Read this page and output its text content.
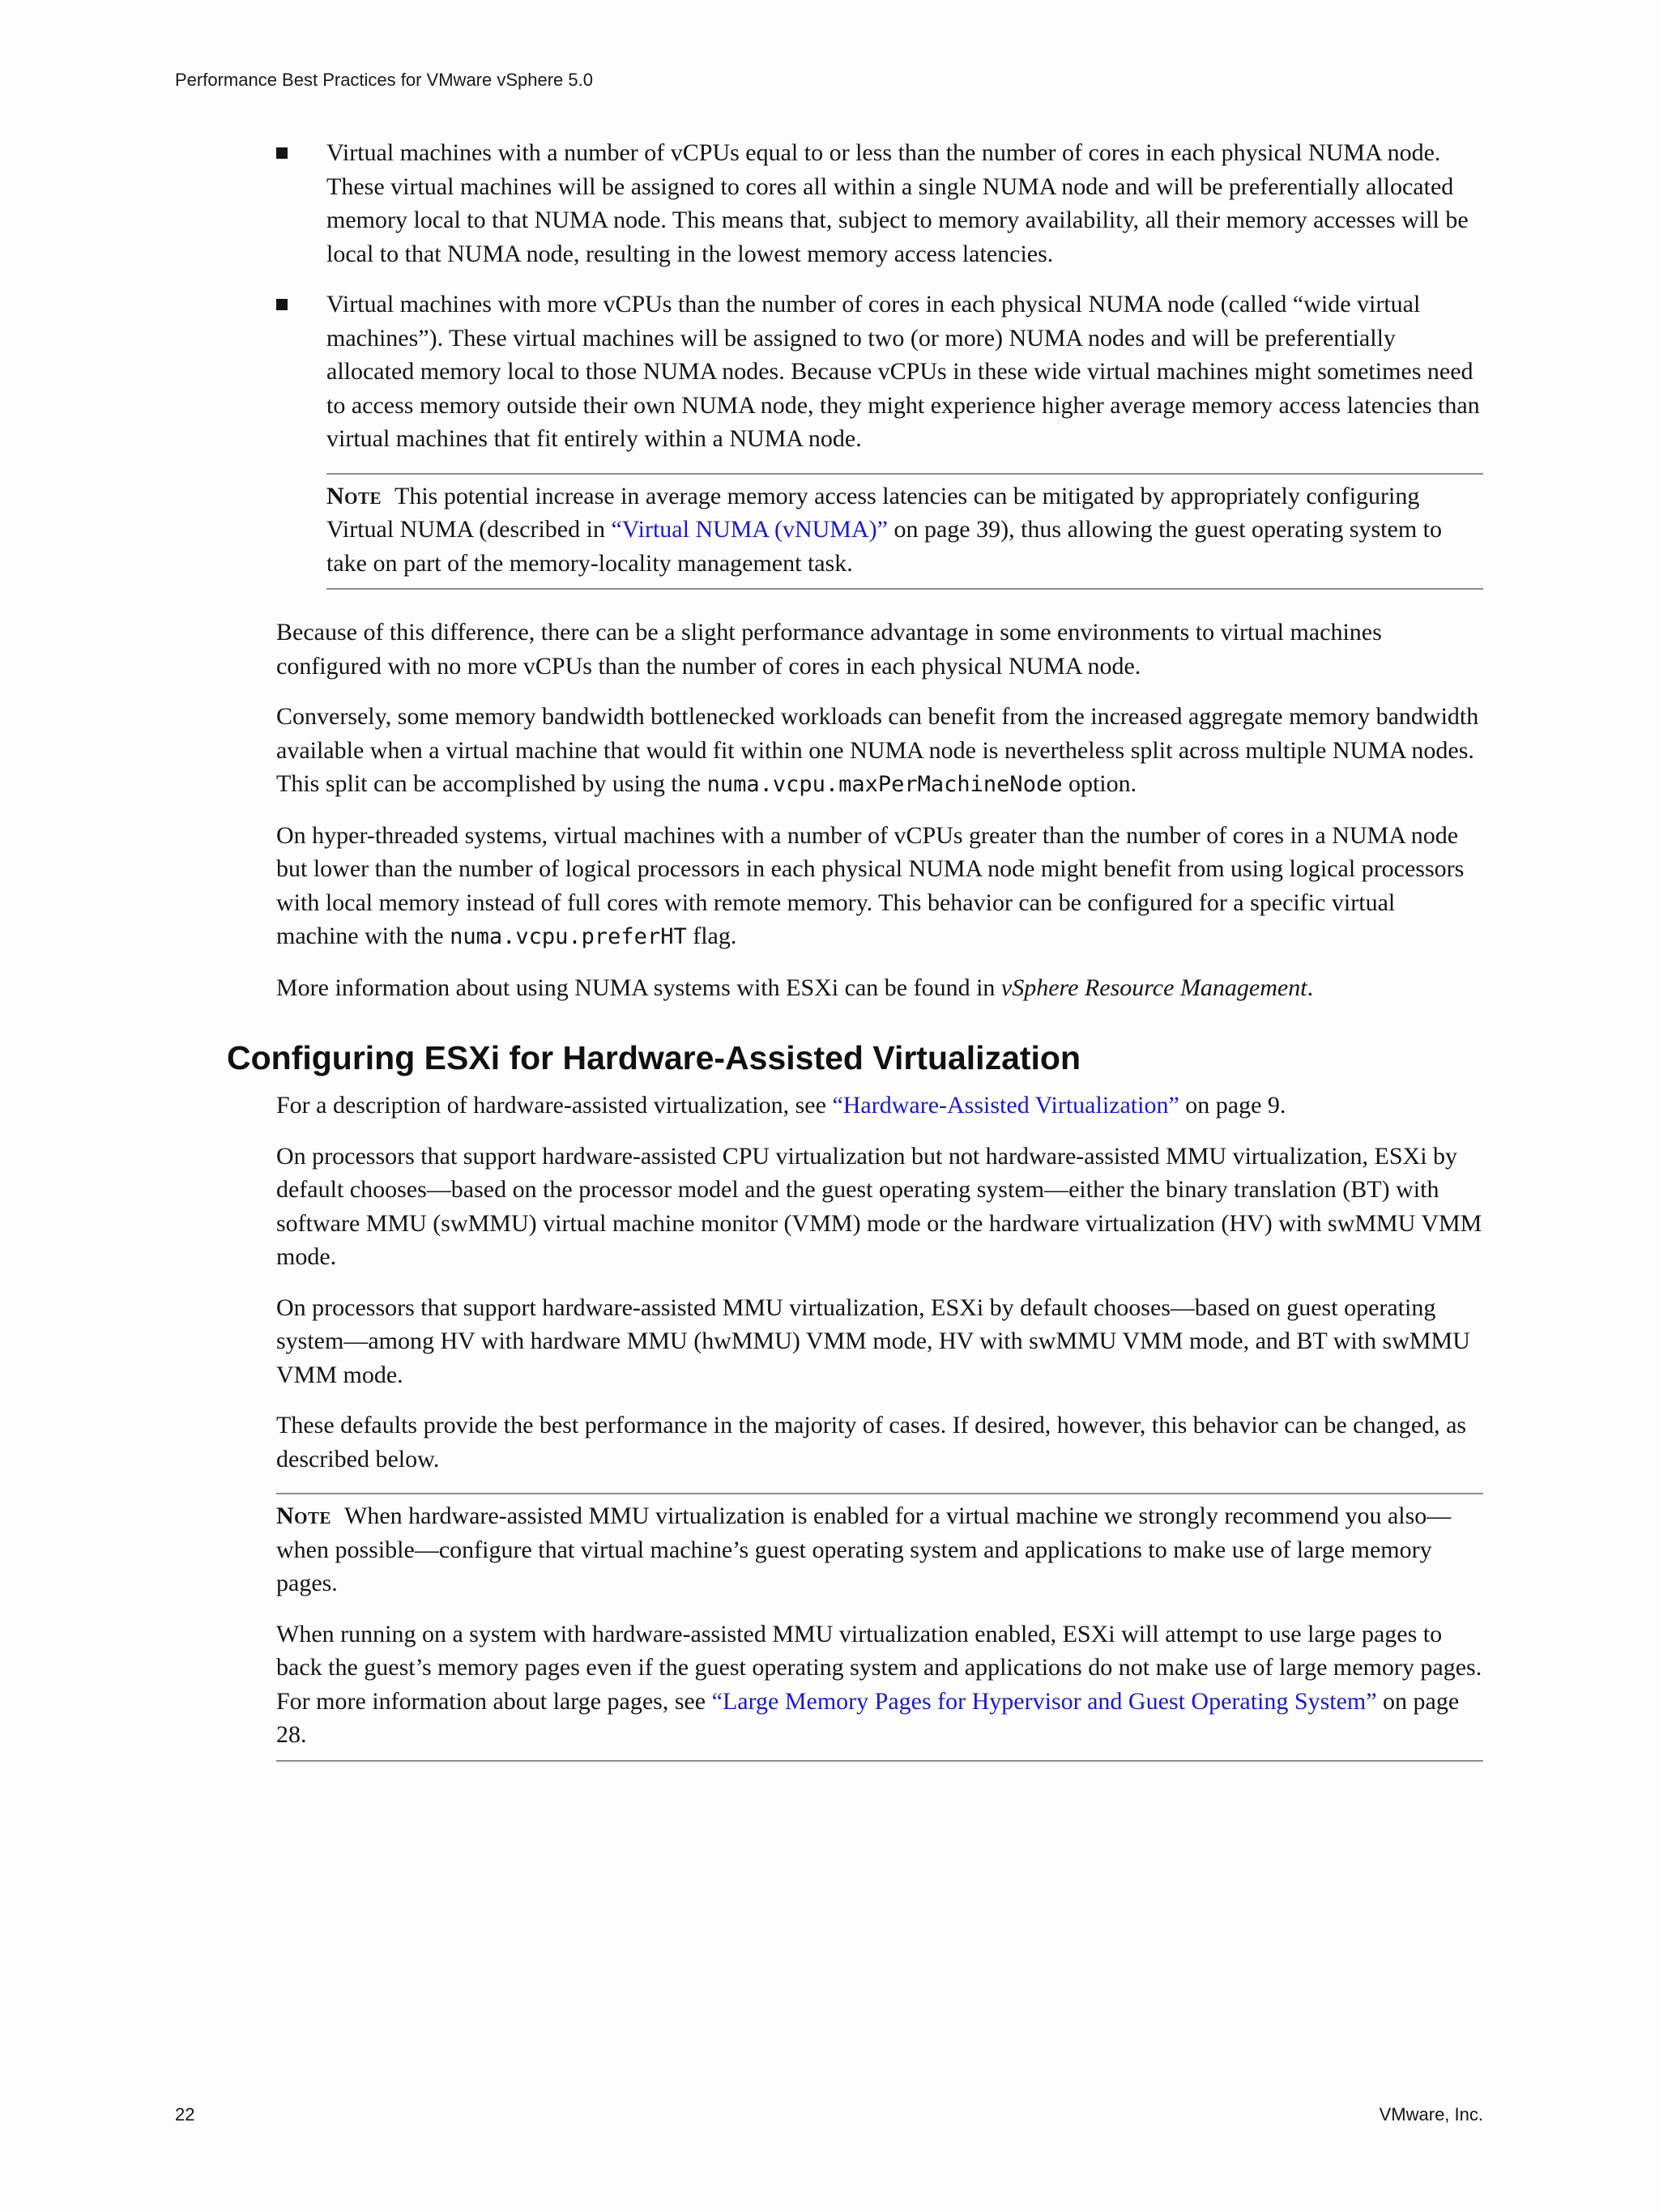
Performance Best Practices for VMware vSphere 5.0
Virtual machines with a number of vCPUs equal to or less than the number of cores in each physical NUMA node. These virtual machines will be assigned to cores all within a single NUMA node and will be preferentially allocated memory local to that NUMA node. This means that, subject to memory availability, all their memory accesses will be local to that NUMA node, resulting in the lowest memory access latencies.
Virtual machines with more vCPUs than the number of cores in each physical NUMA node (called “wide virtual machines”). These virtual machines will be assigned to two (or more) NUMA nodes and will be preferentially allocated memory local to those NUMA nodes. Because vCPUs in these wide virtual machines might sometimes need to access memory outside their own NUMA node, they might experience higher average memory access latencies than virtual machines that fit entirely within a NUMA node.
Note This potential increase in average memory access latencies can be mitigated by appropriately configuring Virtual NUMA (described in “Virtual NUMA (vNUMA)” on page 39), thus allowing the guest operating system to take on part of the memory-locality management task.

Because of this difference, there can be a slight performance advantage in some environments to virtual machines configured with no more vCPUs than the number of cores in each physical NUMA node.

Conversely, some memory bandwidth bottlenecked workloads can benefit from the increased aggregate memory bandwidth available when a virtual machine that would fit within one NUMA node is nevertheless split across multiple NUMA nodes. This split can be accomplished by using the numa.vcpu.maxPerMachineNode option.

On hyper-threaded systems, virtual machines with a number of vCPUs greater than the number of cores in a NUMA node but lower than the number of logical processors in each physical NUMA node might benefit from using logical processors with local memory instead of full cores with remote memory. This behavior can be configured for a specific virtual machine with the numa.vcpu.preferHT flag.

More information about using NUMA systems with ESXi can be found in vSphere Resource Management.

Configuring ESXi for Hardware-Assisted Virtualization

For a description of hardware-assisted virtualization, see “Hardware-Assisted Virtualization” on page 9.

On processors that support hardware-assisted CPU virtualization but not hardware-assisted MMU virtualization, ESXi by default chooses—based on the processor model and the guest operating system—either the binary translation (BT) with software MMU (swMMU) virtual machine monitor (VMM) mode or the hardware virtualization (HV) with swMMU VMM mode.

On processors that support hardware-assisted MMU virtualization, ESXi by default chooses—based on guest operating system—among HV with hardware MMU (hwMMU) VMM mode, HV with swMMU VMM mode, and BT with swMMU VMM mode.

These defaults provide the best performance in the majority of cases. If desired, however, this behavior can be changed, as described below.

Note When hardware-assisted MMU virtualization is enabled for a virtual machine we strongly recommend you also—when possible—configure that virtual machine’s guest operating system and applications to make use of large memory pages.

When running on a system with hardware-assisted MMU virtualization enabled, ESXi will attempt to use large pages to back the guest’s memory pages even if the guest operating system and applications do not make use of large memory pages. For more information about large pages, see “Large Memory Pages for Hypervisor and Guest Operating System” on page 28.

22	VMware, Inc.
